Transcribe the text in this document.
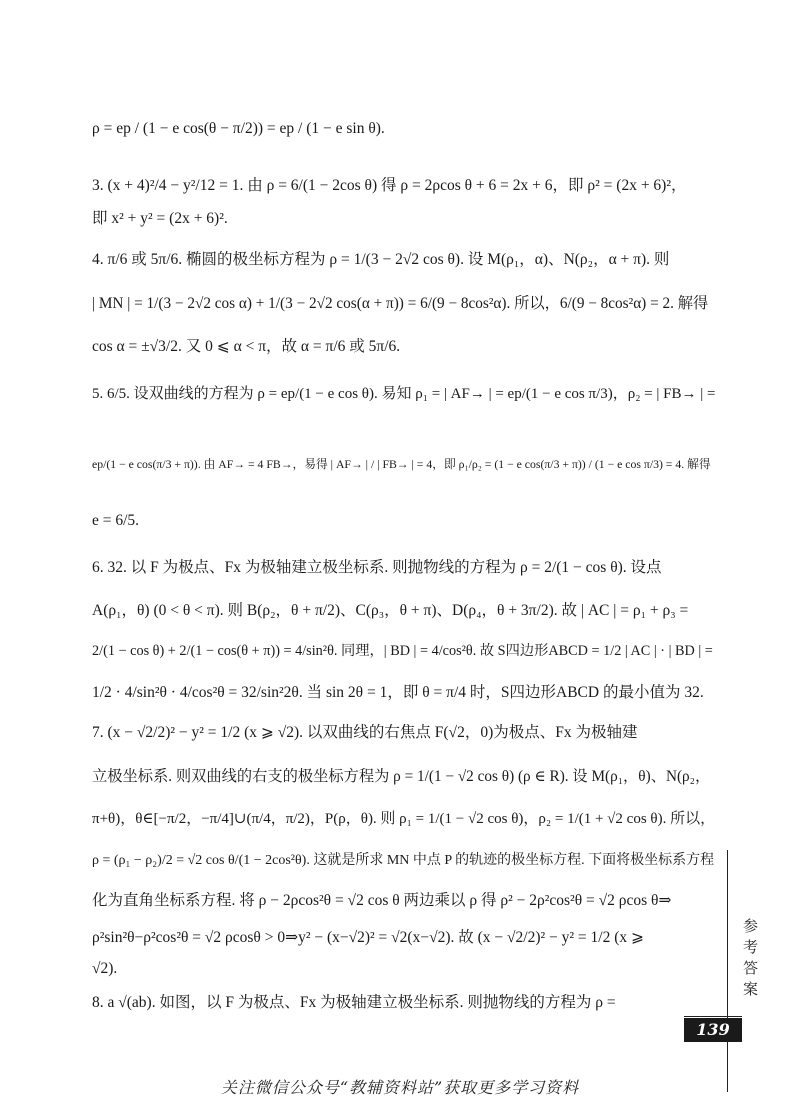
ρ = ep / (1 − e cos(θ − π/2)) = ep / (1 − e sin θ).
3. (x + 4)²/4 − y²/12 = 1. 由 ρ = 6/(1 − 2cos θ) 得 ρ = 2ρcos θ + 6 = 2x + 6，即 ρ² = (2x + 6)²，
即 x² + y² = (2x + 6)².
4. π/6 或 5π/6. 椭圆的极坐标方程为 ρ = 1/(3 − 2√2 cos θ). 设 M(ρ₁，α)、N(ρ₂，α + π). 则
| MN | = 1/(3 − 2√2 cos α) + 1/(3 − 2√2 cos(α + π)) = 6/(9 − 8cos²α). 所以，6/(9 − 8cos²α) = 2. 解得
cos α = ±√3/2. 又 0 ⩽ α < π，故 α = π/6 或 5π/6.
5. 6/5. 设双曲线的方程为 ρ = ep/(1 − e cos θ). 易知 ρ₁ = | AF→ | = ep/(1 − e cos π/3)，ρ₂ = | FB→ | =
ep/(1 − e cos(π/3 + π)). 由 AF→ = 4 FB→，易得 | AF→ | / | FB→ | = 4，即 ρ₁/ρ₂ = (1 − e cos(π/3 + π)) / (1 − e cos π/3) = 4. 解得
e = 6/5.
6. 32. 以 F 为极点、Fx 为极轴建立极坐标系. 则抛物线的方程为 ρ = 2/(1 − cos θ). 设点
A(ρ₁，θ) (0 < θ < π). 则 B(ρ₂，θ + π/2)、C(ρ₃，θ + π)、D(ρ₄，θ + 3π/2). 故 | AC | = ρ₁ + ρ₃ =
2/(1 − cos θ) + 2/(1 − cos(θ + π)) = 4/sin²θ. 同理，| BD | = 4/cos²θ. 故 S四边形ABCD = 1/2 | AC | · | BD | =
1/2 · 4/sin²θ · 4/cos²θ = 32/sin²2θ. 当 sin 2θ = 1，即 θ = π/4 时，S四边形ABCD 的最小值为 32.
7. (x − √2/2)² − y² = 1/2 (x ⩾ √2). 以双曲线的右焦点 F(√2，0)为极点、Fx 为极轴建
立极坐标系. 则双曲线的右支的极坐标方程为 ρ = 1/(1 − √2 cos θ) (ρ ∈ R). 设 M(ρ₁，θ)、N(ρ₂，
π+θ)，θ∈[−π/2，−π/4]∪(π/4，π/2)，P(ρ，θ). 则 ρ₁ = 1/(1 − √2 cos θ)，ρ₂ = 1/(1 + √2 cos θ). 所以，
ρ = (ρ₁ − ρ₂)/2 = √2 cos θ/(1 − 2cos²θ). 这就是所求 MN 中点 P 的轨迹的极坐标方程. 下面将极坐标系方程
化为直角坐标系方程. 将 ρ − 2ρcos²θ = √2 cos θ 两边乘以 ρ 得 ρ² − 2ρ²cos²θ = √2 ρcos θ⇒
ρ²sin²θ−ρ²cos²θ = √2 ρcosθ > 0⇒y² − (x−√2)² = √2(x−√2). 故 (x − √2/2)² − y² = 1/2 (x ⩾
√2).
8. a √(ab). 如图，以 F 为极点、Fx 为极轴建立极坐标系. 则抛物线的方程为 ρ =
参考答案
139
关注微信公众号“教辅资料站”获取更多学习资料
